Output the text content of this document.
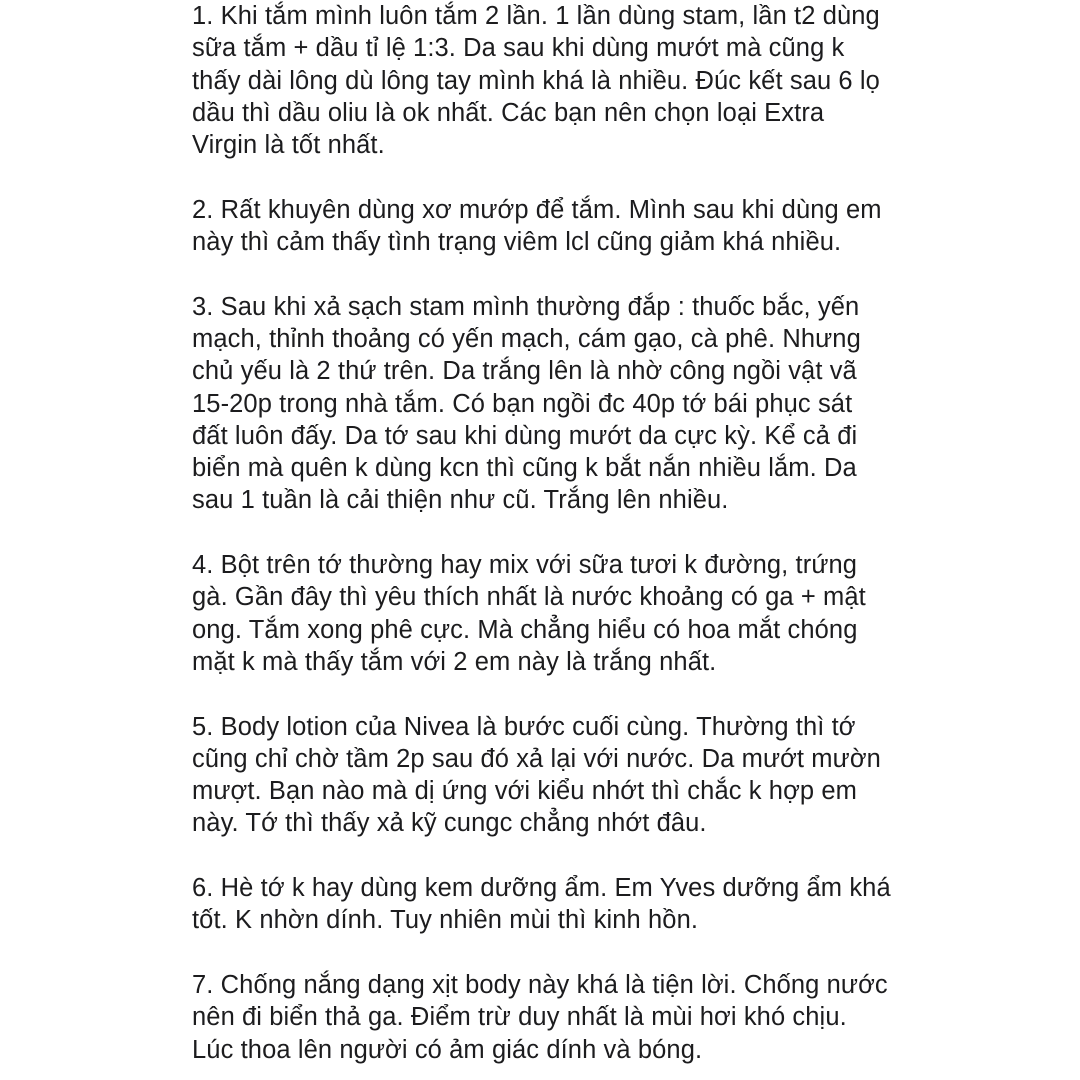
1. Khi tắm mình luôn tắm 2 lần. 1 lần dùng stam, lần t2 dùng
sữa tắm + dầu tỉ lệ 1:3. Da sau khi dùng mướt mà cũng k
thấy dài lông dù lông tay mình khá là nhiều. Đúc kết sau 6 lọ
dầu thì dầu oliu là ok nhất. Các bạn nên chọn loại Extra
Virgin là tốt nhất.
2. Rất khuyên dùng xơ mướp để tắm. Mình sau khi dùng em
này thì cảm thấy tình trạng viêm lcl cũng giảm khá nhiều.
3. Sau khi xả sạch stam mình thường đắp : thuốc bắc, yến
mạch, thỉnh thoảng có yến mạch, cám gạo, cà phê. Nhưng
chủ yếu là 2 thứ trên. Da trắng lên là nhờ công ngồi vật vã
15-20p trong nhà tắm. Có bạn ngồi đc 40p tớ bái phục sát
đất luôn đấy. Da tớ sau khi dùng mướt da cực kỳ. Kể cả đi
biển mà quên k dùng kcn thì cũng k bắt nắn nhiều lắm. Da
sau 1 tuần là cải thiện như cũ. Trắng lên nhiều.
4. Bột trên tớ thường hay mix với sữa tươi k đường, trứng
gà. Gần đây thì yêu thích nhất là nước khoảng có ga + mật
ong. Tắm xong phê cực. Mà chẳng hiểu có hoa mắt chóng
mặt k mà thấy tắm với 2 em này là trắng nhất.
5. Body lotion của Nivea là bước cuối cùng. Thường thì tớ
cũng chỉ chờ tầm 2p sau đó xả lại với nước. Da mướt mườn
mượt. Bạn nào mà dị ứng với kiểu nhớt thì chắc k hợp em
này. Tớ thì thấy xả kỹ cungc chẳng nhớt đâu.
6. Hè tớ k hay dùng kem dưỡng ẩm. Em Yves dưỡng ẩm khá
tốt. K nhờn dính. Tuy nhiên mùi thì kinh hồn.
7. Chống nắng dạng xịt body này khá là tiện lời. Chống nước
nên đi biển thả ga. Điểm trừ duy nhất là mùi hơi khó chịu.
Lúc thoa lên người có ảm giác dính và bóng.
